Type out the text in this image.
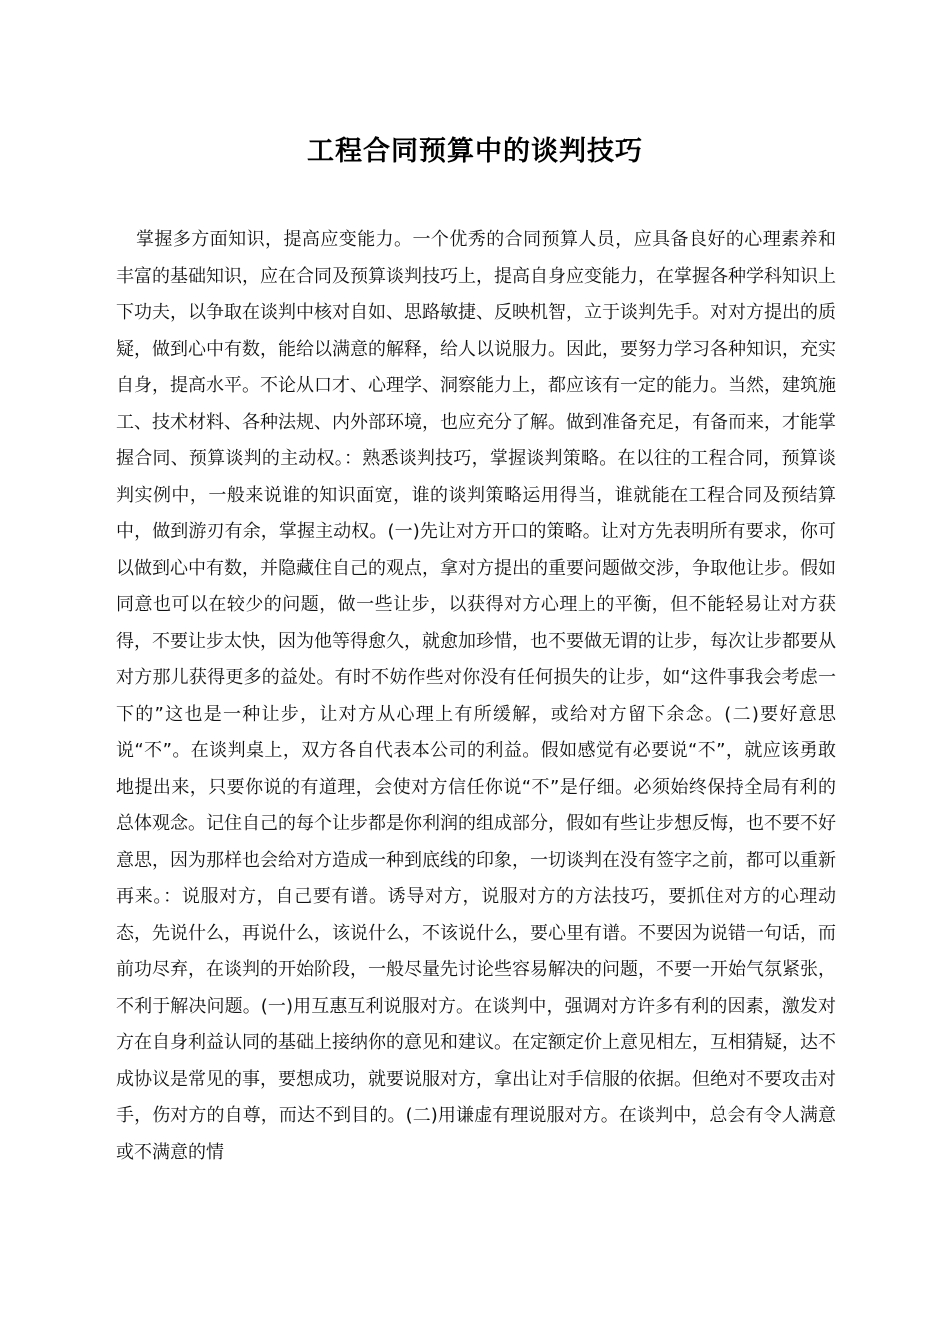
工程合同预算中的谈判技巧

掌握多方面知识，提高应变能力。一个优秀的合同预算人员，应具备良好的心理素养和丰富的基础知识，应在合同及预算谈判技巧上，提高自身应变能力，在掌握各种学科知识上下功夫，以争取在谈判中核对自如、思路敏捷、反映机智，立于谈判先手。对对方提出的质疑，做到心中有数，能给以满意的解释，给人以说服力。因此，要努力学习各种知识，充实自身，提高水平。不论从口才、心理学、洞察能力上，都应该有一定的能力。当然，建筑施工、技术材料、各种法规、内外部环境，也应充分了解。做到准备充足，有备而来，才能掌握合同、预算谈判的主动权。：熟悉谈判技巧，掌握谈判策略。在以往的工程合同，预算谈判实例中，一般来说谁的知识面宽，谁的谈判策略运用得当，谁就能在工程合同及预结算中，做到游刃有余，掌握主动权。(一)先让对方开口的策略。让对方先表明所有要求，你可以做到心中有数，并隐藏住自己的观点，拿对方提出的重要问题做交涉，争取他让步。假如同意也可以在较少的问题，做一些让步，以获得对方心理上的平衡，但不能轻易让对方获得，不要让步太快，因为他等得愈久，就愈加珍惜，也不要做无谓的让步，每次让步都要从对方那儿获得更多的益处。有时不妨作些对你没有任何损失的让步，如“这件事我会考虑一下的”这也是一种让步，让对方从心理上有所缓解，或给对方留下余念。(二)要好意思说“不”。在谈判桌上，双方各自代表本公司的利益。假如感觉有必要说“不”，就应该勇敢地提出来，只要你说的有道理，会使对方信任你说“不”是仔细。必须始终保持全局有利的总体观念。记住自己的每个让步都是你利润的组成部分，假如有些让步想反悔，也不要不好意思，因为那样也会给对方造成一种到底线的印象，一切谈判在没有签字之前，都可以重新再来。：说服对方，自己要有谱。诱导对方，说服对方的方法技巧，要抓住对方的心理动态，先说什么，再说什么，该说什么，不该说什么，要心里有谱。不要因为说错一句话，而前功尽弃，在谈判的开始阶段，一般尽量先讨论些容易解决的问题，不要一开始气氛紧张，不利于解决问题。(一)用互惠互利说服对方。在谈判中，强调对方许多有利的因素，激发对方在自身利益认同的基础上接纳你的意见和建议。在定额定价上意见相左，互相猜疑，达不成协议是常见的事，要想成功，就要说服对方，拿出让对手信服的依据。但绝对不要攻击对手，伤对方的自尊，而达不到目的。(二)用谦虚有理说服对方。在谈判中，总会有令人满意或不满意的情
